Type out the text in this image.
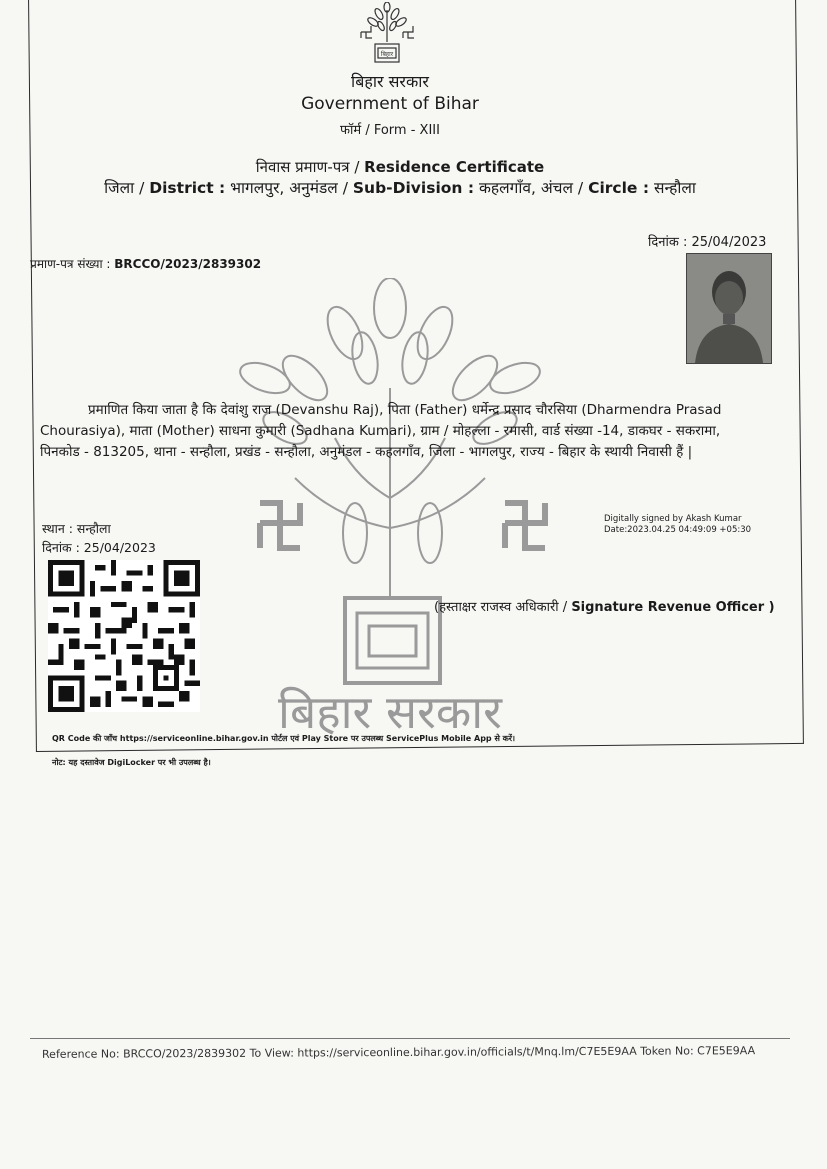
बिहार
बिहार सरकार
Government of Bihar
फॉर्म / Form - XIII
निवास प्रमाण-पत्र / Residence Certificate
जिला / District : भागलपुर, अनुमंडल / Sub-Division : कहलगाँव, अंचल / Circle : सन्हौला
दिनांक : 25/04/2023
प्रमाण-पत्र संख्या : BRCCO/2023/2839302
बिहार सरकार

प्रमाणित किया जाता है कि देवांशु राज (Devanshu Raj), पिता (Father) धर्मेन्द्र प्रसाद चौरसिया (Dharmendra Prasad

Chourasiya), माता (Mother) साधना कुमारी (Sadhana Kumari), ग्राम / मोहल्ला - रमासी, वार्ड संख्या -14, डाकघर - सकरामा,

पिनकोड - 813205, थाना - सन्हौला, प्रखंड - सन्हौला, अनुमंडल - कहलगाँव, जिला - भागलपुर, राज्य - बिहार के स्थायी निवासी हैं |

स्थान : सन्हौला
दिनांक : 25/04/2023
Digitally signed by Akash Kumar
Date:2023.04.25 04:49:09 +05:30
(हस्ताक्षर राजस्व अधिकारी / Signature Revenue Officer )
QR Code की जाँच https://serviceonline.bihar.gov.in पोर्टल एवं Play Store पर उपलब्ध ServicePlus Mobile App से करें।
नोट: यह दस्तावेज DigiLocker पर भी उपलब्ध है।
Reference No: BRCCO/2023/2839302 To View: https://serviceonline.bihar.gov.in/officials/t/Mnq.lm/C7E5E9AA Token No: C7E5E9AA
